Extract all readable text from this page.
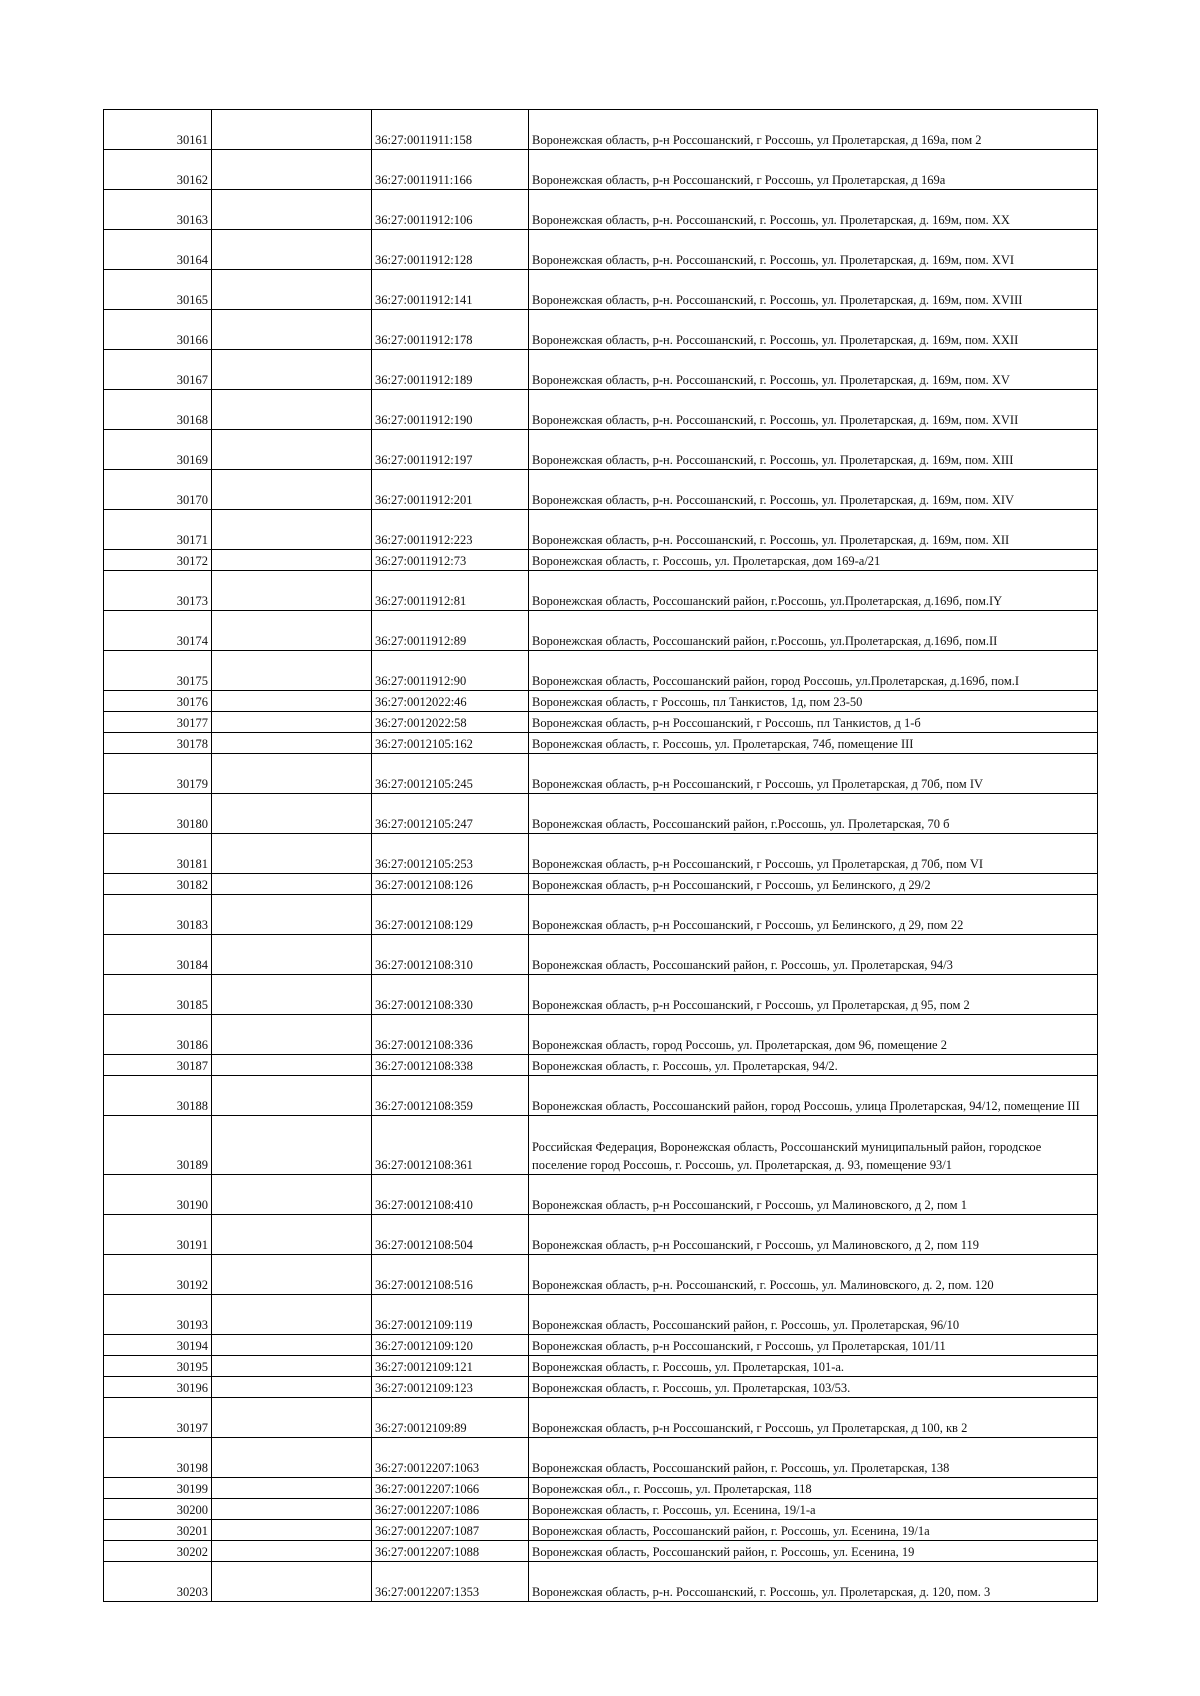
30161		36:27:0011911:158	Воронежская область, р-н Россошанский, г Россошь, ул Пролетарская, д 169а, пом 2
30162		36:27:0011911:166	Воронежская область, р-н Россошанский, г Россошь, ул Пролетарская, д 169а
30163		36:27:0011912:106	Воронежская область, р-н. Россошанский, г. Россошь, ул. Пролетарская, д. 169м, пом. XX
30164		36:27:0011912:128	Воронежская область, р-н. Россошанский, г. Россошь, ул. Пролетарская, д. 169м, пом. XVI
30165		36:27:0011912:141	Воронежская область, р-н. Россошанский, г. Россошь, ул. Пролетарская, д. 169м, пом. XVIII
30166		36:27:0011912:178	Воронежская область, р-н. Россошанский, г. Россошь, ул. Пролетарская, д. 169м, пом. XXII
30167		36:27:0011912:189	Воронежская область, р-н. Россошанский, г. Россошь, ул. Пролетарская, д. 169м, пом. XV
30168		36:27:0011912:190	Воронежская область, р-н. Россошанский, г. Россошь, ул. Пролетарская, д. 169м, пом. XVII
30169		36:27:0011912:197	Воронежская область, р-н. Россошанский, г. Россошь, ул. Пролетарская, д. 169м, пом. XIII
30170		36:27:0011912:201	Воронежская область, р-н. Россошанский, г. Россошь, ул. Пролетарская, д. 169м, пом. XIV
30171		36:27:0011912:223	Воронежская область, р-н. Россошанский, г. Россошь, ул. Пролетарская, д. 169м, пом. XII
30172		36:27:0011912:73	Воронежская область, г. Россошь, ул. Пролетарская, дом 169-а/21
30173		36:27:0011912:81	Воронежская область, Россошанский район, г.Россошь, ул.Пролетарская, д.169б, пом.IY
30174		36:27:0011912:89	Воронежская область, Россошанский район, г.Россошь, ул.Пролетарская, д.169б, пом.II
30175		36:27:0011912:90	Воронежская область, Россошанский район, город Россошь, ул.Пролетарская, д.169б, пом.I
30176		36:27:0012022:46	Воронежская область, г Россошь, пл Танкистов, 1д, пом 23-50
30177		36:27:0012022:58	Воронежская область, р-н Россошанский, г Россошь, пл Танкистов, д 1-б
30178		36:27:0012105:162	Воронежская область, г. Россошь, ул. Пролетарская, 74б, помещение III
30179		36:27:0012105:245	Воронежская область, р-н Россошанский, г Россошь, ул Пролетарская, д 70б, пом IV
30180		36:27:0012105:247	Воронежская область, Россошанский район, г.Россошь, ул. Пролетарская, 70 б
30181		36:27:0012105:253	Воронежская область, р-н Россошанский, г Россошь, ул Пролетарская, д 70б, пом VI
30182		36:27:0012108:126	Воронежская область, р-н Россошанский, г Россошь, ул Белинского, д 29/2
30183		36:27:0012108:129	Воронежская область, р-н Россошанский, г Россошь, ул Белинского, д 29, пом 22
30184		36:27:0012108:310	Воронежская область, Россошанский район, г. Россошь, ул. Пролетарская, 94/3
30185		36:27:0012108:330	Воронежская область, р-н Россошанский, г Россошь, ул Пролетарская, д 95, пом 2
30186		36:27:0012108:336	Воронежская область, город Россошь, ул. Пролетарская, дом 96, помещение 2
30187		36:27:0012108:338	Воронежская область, г. Россошь, ул. Пролетарская, 94/2.
30188		36:27:0012108:359	Воронежская область, Россошанский район, город Россошь, улица Пролетарская, 94/12, помещение III
30189		36:27:0012108:361	Российская Федерация, Воронежская область, Россошанский муниципальный район, городское поселение город Россошь, г. Россошь, ул. Пролетарская, д. 93, помещение 93/1
30190		36:27:0012108:410	Воронежская область, р-н Россошанский, г Россошь, ул Малиновского, д 2, пом 1
30191		36:27:0012108:504	Воронежская область, р-н Россошанский, г Россошь, ул Малиновского, д 2, пом 119
30192		36:27:0012108:516	Воронежская область, р-н. Россошанский, г. Россошь, ул. Малиновского, д. 2, пом. 120
30193		36:27:0012109:119	Воронежская область, Россошанский район, г. Россошь, ул. Пролетарская, 96/10
30194		36:27:0012109:120	Воронежская область, р-н Россошанский, г Россошь, ул Пролетарская, 101/11
30195		36:27:0012109:121	Воронежская область, г. Россошь, ул. Пролетарская, 101-а.
30196		36:27:0012109:123	Воронежская область, г. Россошь, ул. Пролетарская, 103/53.
30197		36:27:0012109:89	Воронежская область, р-н Россошанский, г Россошь, ул Пролетарская, д 100, кв 2
30198		36:27:0012207:1063	Воронежская область, Россошанский район, г. Россошь, ул. Пролетарская, 138
30199		36:27:0012207:1066	Воронежская обл., г. Россошь, ул. Пролетарская, 118
30200		36:27:0012207:1086	Воронежская область, г. Россошь, ул. Есенина, 19/1-а
30201		36:27:0012207:1087	Воронежская область, Россошанский район, г. Россошь, ул. Есенина, 19/1а
30202		36:27:0012207:1088	Воронежская область, Россошанский район, г. Россошь, ул. Есенина, 19
30203		36:27:0012207:1353	Воронежская область, р-н. Россошанский, г. Россошь, ул. Пролетарская, д. 120, пом. 3
